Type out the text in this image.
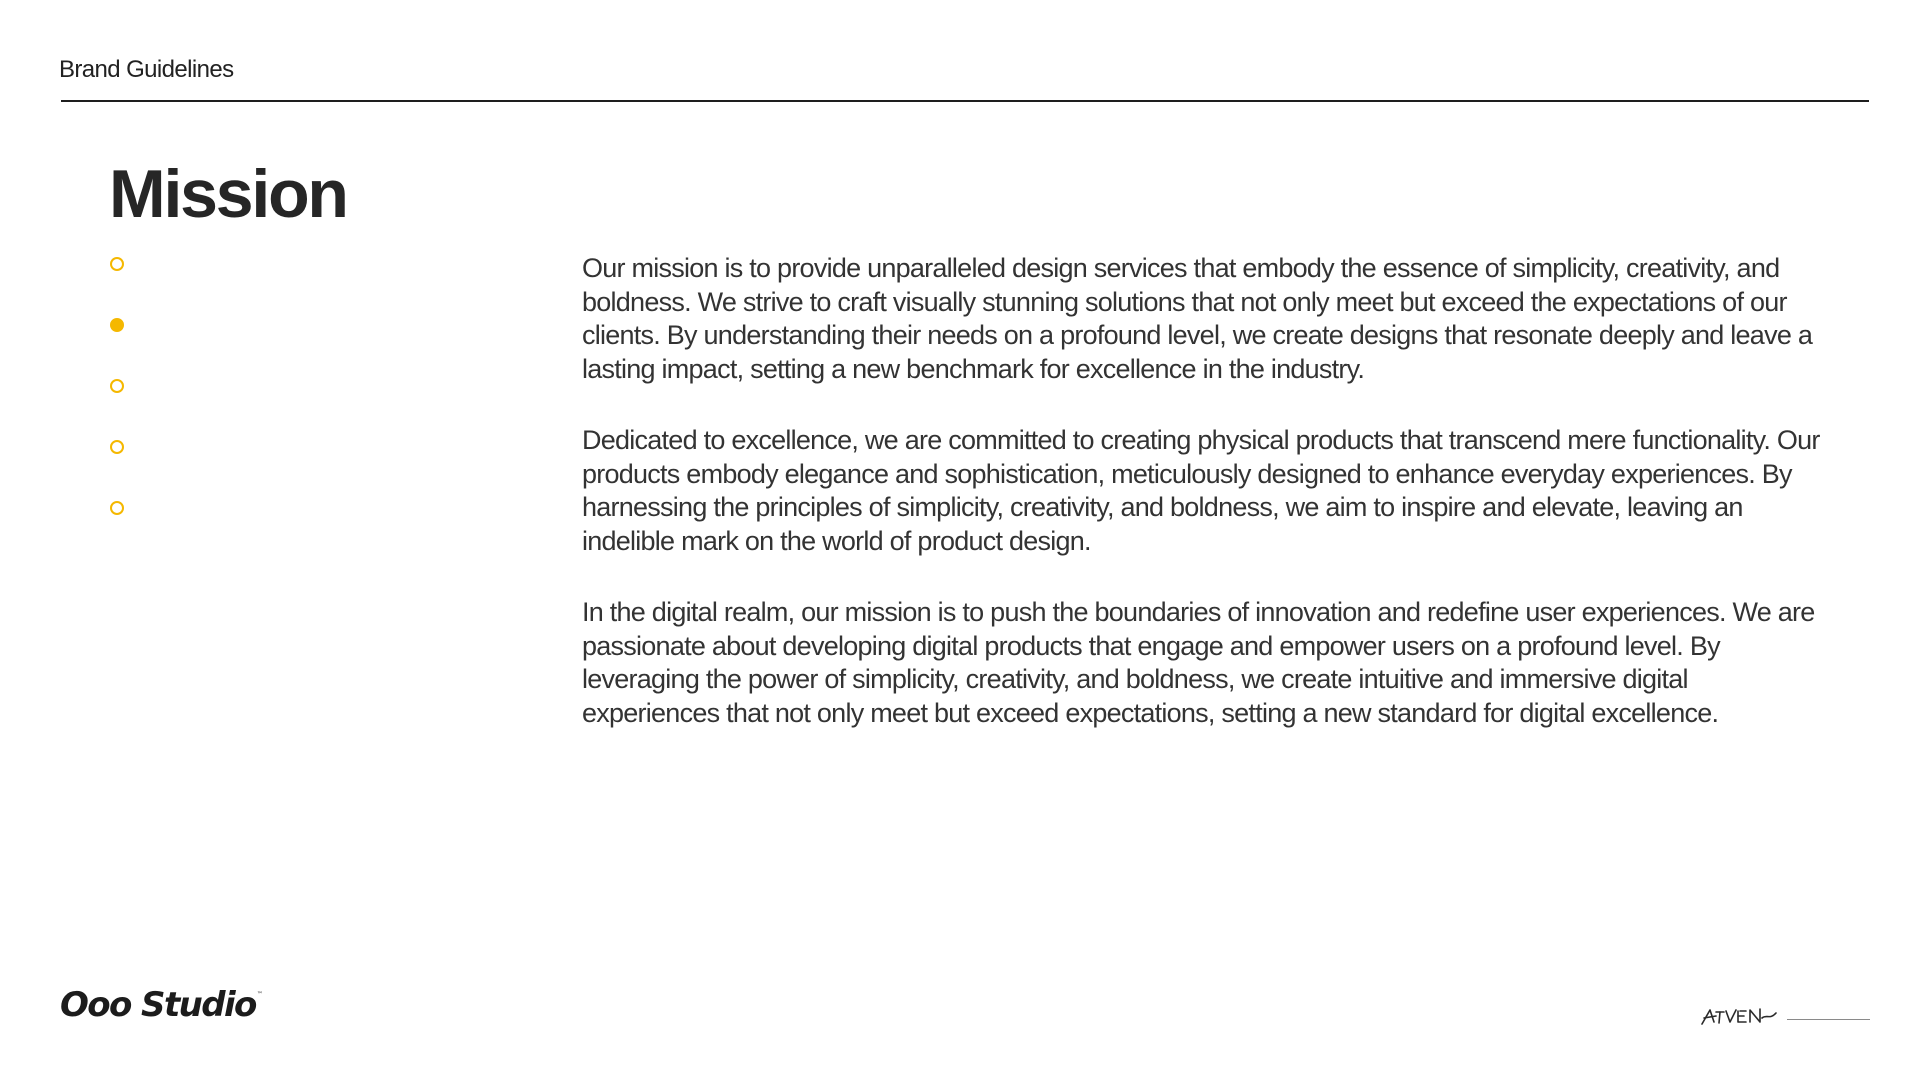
Brand Guidelines
Mission

Our mission is to provide unparalleled design services that embody the essence of simplicity, creativity, and boldness. We strive to craft visually stunning solutions that not only meet but exceed the expectations of our clients. By understanding their needs on a profound level, we create designs that resonate deeply and leave a lasting impact, setting a new benchmark for excellence in the industry.

Dedicated to excellence, we are committed to creating physical products that transcend mere functionality. Our products embody elegance and sophistication, meticulously designed to enhance everyday experiences. By harnessing the principles of simplicity, creativity, and boldness, we aim to inspire and elevate, leaving an indelible mark on the world of product design.

In the digital realm, our mission is to push the boundaries of innovation and redefine user experiences. We are passionate about developing digital products that engage and empower users on a profound level. By leveraging the power of simplicity, creativity, and boldness, we create intuitive and immersive digital experiences that not only meet but exceed expectations, setting a new standard for digital excellence.

Ooo Studio™
